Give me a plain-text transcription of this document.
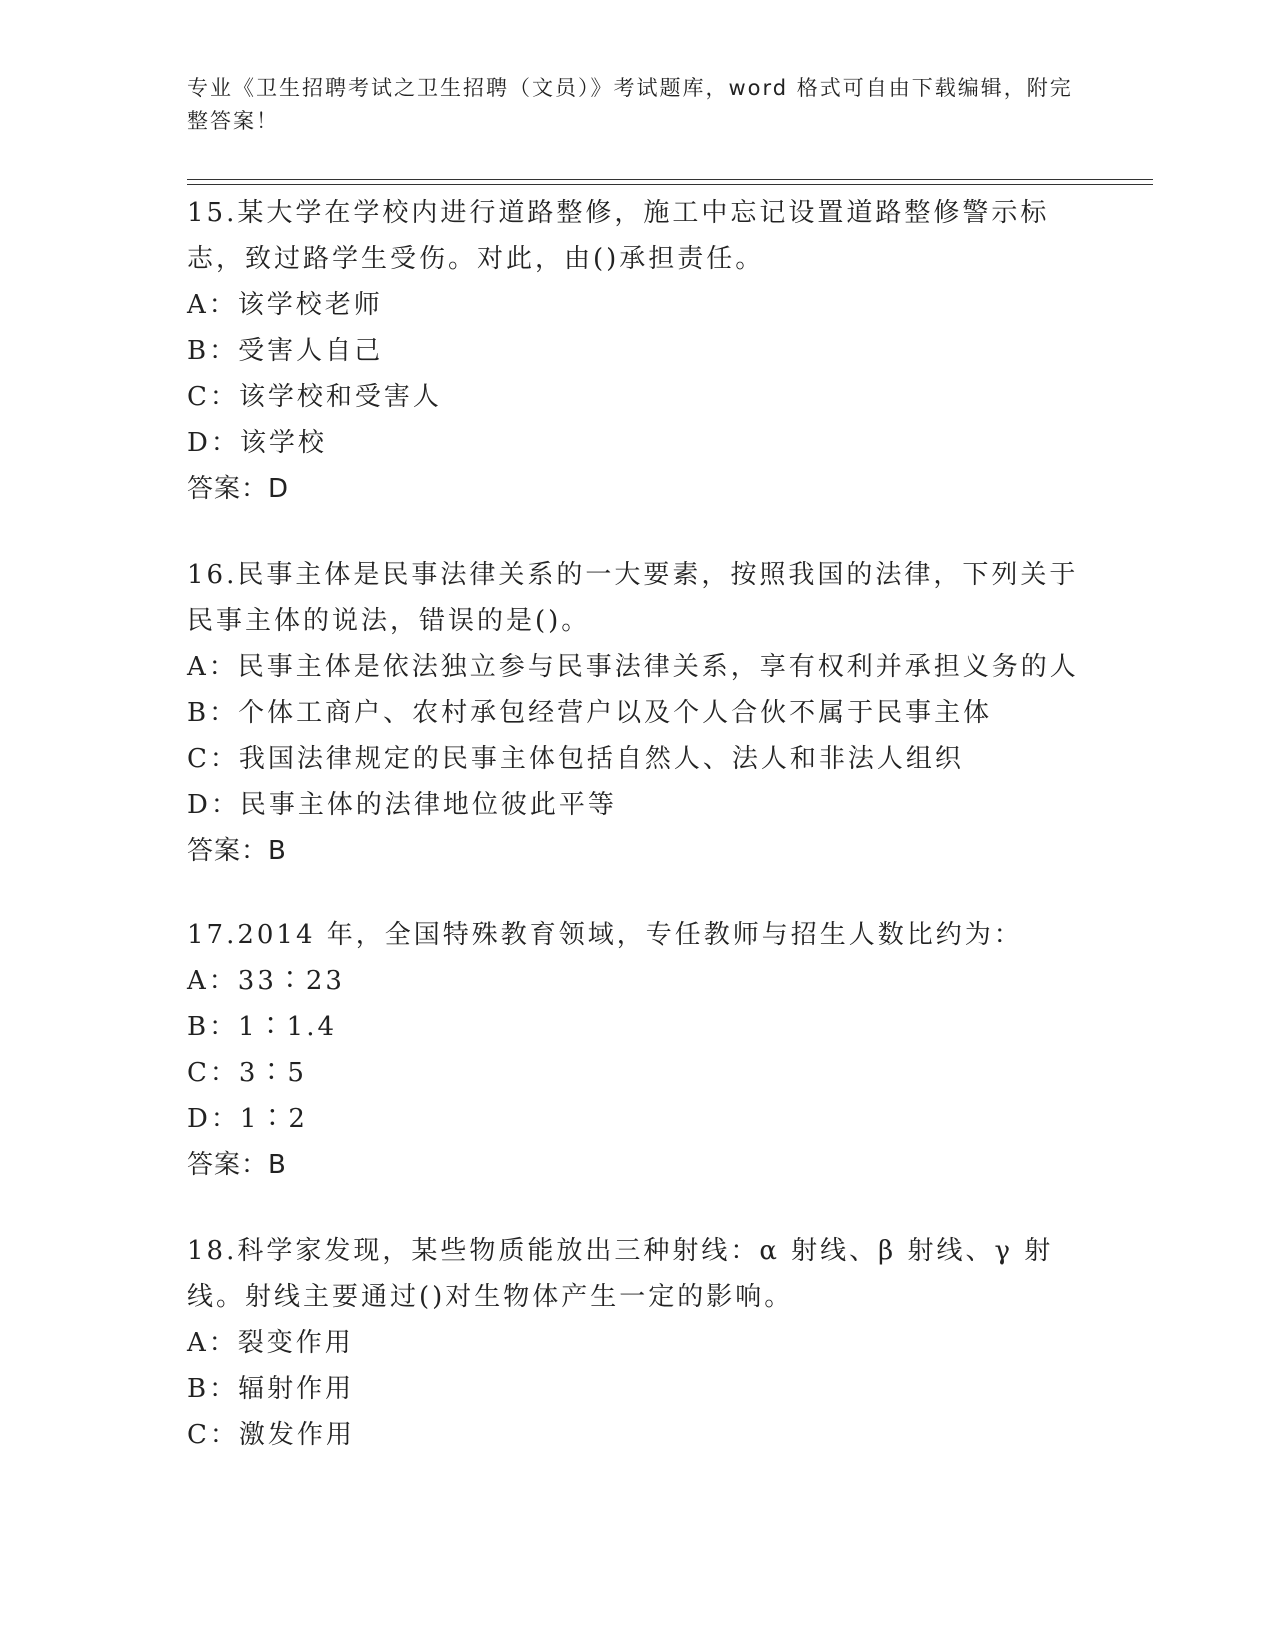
专业《卫生招聘考试之卫生招聘（文员）》考试题库，word 格式可自由下载编辑，附完整答案！

15.某大学在学校内进行道路整修，施工中忘记设置道路整修警示标志，致过路学生受伤。对此，由()承担责任。

A：该学校老师

B：受害人自己

C：该学校和受害人

D：该学校

答案：D

16.民事主体是民事法律关系的一大要素，按照我国的法律，下列关于民事主体的说法，错误的是()。

A：民事主体是依法独立参与民事法律关系，享有权利并承担义务的人

B：个体工商户、农村承包经营户以及个人合伙不属于民事主体

C：我国法律规定的民事主体包括自然人、法人和非法人组织

D：民事主体的法律地位彼此平等

答案：B

17.2014 年，全国特殊教育领域，专任教师与招生人数比约为：

A：33∶23

B：1∶1.4

C：3∶5

D：1∶2

答案：B

18.科学家发现，某些物质能放出三种射线：α 射线、β 射线、γ 射线。射线主要通过()对生物体产生一定的影响。

A：裂变作用

B：辐射作用

C：激发作用
